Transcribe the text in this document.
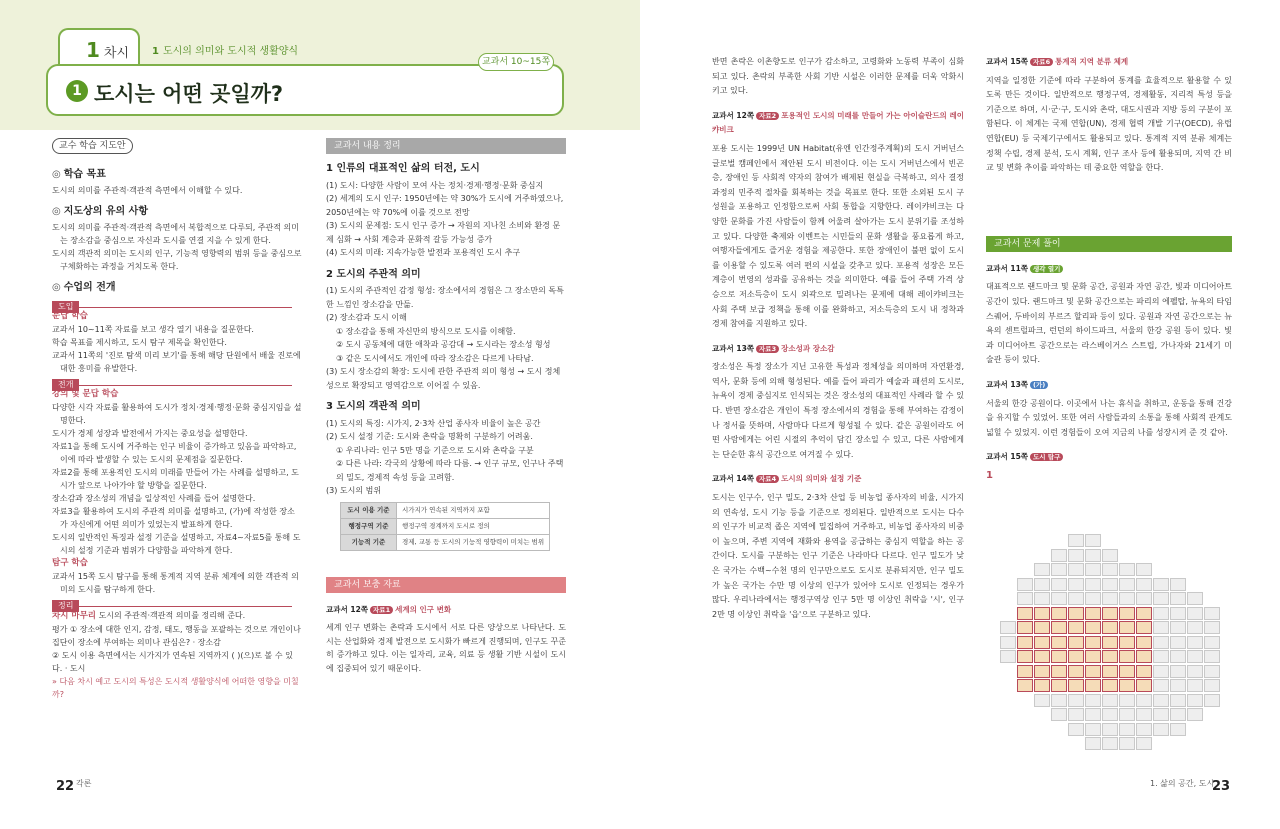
1 차시	1 도시의 의미와 도시적 생활양식
1 도시는 어떤 곳일까?
교과서 10~15쪽
교수 학습 지도안
◎ 학습 목표
도시의 의미를 주관적·객관적 측면에서 이해할 수 있다.
◎ 지도상의 유의 사항
도시의 의미를 주관적·객관적 측면에서 복합적으로 다루되, 주관적 의미는 장소감을 중심으로 자신과 도시를 연결 지을 수 있게 한다.
도시의 객관적 의미는 도시의 인구, 기능적 영향력의 범위 등을 중심으로 구체화하는 과정을 거치도록 한다.
◎ 수업의 전개
도입
문답 학습
교과서 10~11쪽 자료를 보고 생각 열기 내용을 질문한다.
학습 목표를 제시하고, 도시 탐구 제목을 확인한다.
교과서 11쪽의 '진로 탐색 미리 보기'를 통해 해당 단원에서 배울 진로에 대한 흥미를 유발한다.
전개
강의 및 문답 학습
다양한 시각 자료를 활용하여 도시가 정치·경제·행정·문화 중심지임을 설명한다.
도시가 경제 성장과 발전에서 가지는 중요성을 설명한다.
자료1을 통해 도시에 거주하는 인구 비율이 증가하고 있음을 파악하고, 이에 따라 발생할 수 있는 도시의 문제점을 질문한다.
자료2를 통해 포용적인 도시의 미래를 만들어 가는 사례를 설명하고, 도시가 앞으로 나아가야 할 방향을 질문한다.
장소감과 장소성의 개념을 일상적인 사례를 들어 설명한다.
자료3을 활용하여 도시의 주관적 의미를 설명하고, (가)에 작성한 장소가 자신에게 어떤 의미가 있었는지 발표하게 한다.
도시의 일반적인 특징과 설정 기준을 설명하고, 자료4~자료5를 통해 도시의 설정 기준과 범위가 다양함을 파악하게 한다.
탐구 학습
교과서 15쪽 도시 탐구를 통해 통계적 지역 분류 체계에 의한 객관적 의미의 도시를 탐구하게 한다.
정리
차시 마무리 도시의 주관적·객관적 의미를 정리해 준다.
평가 ① 장소에 대한 인지, 감정, 태도, 행동을 포괄하는 것으로 개인이나 집단이 장소에 부여하는 의미나 관심은? · 장소감
② 도시 이용 측면에서는 시가지가 연속된 지역까지 ( )(으)로 볼 수 있다. · 도시
» 다음 차시 예고 도시의 특성은 도시적 생활양식에 어떠한 영향을 미칠까?
교과서 내용 정리
1 인류의 대표적인 삶의 터전, 도시
(1) 도시: 다양한 사람이 모여 사는 정치·경제·행정·문화 중심지
(2) 세계의 도시 인구: 1950년에는 약 30%가 도시에 거주하였으나, 2050년에는 약 70%에 이를 것으로 전망
(3) 도시의 문제점: 도시 인구 증가 → 자원의 지나친 소비와 환경 문제 심화 → 사회 계층과 문화적 갈등 가능성 증가
(4) 도시의 미래: 지속가능한 발전과 포용적인 도시 추구
2 도시의 주관적 의미
(1) 도시의 주관적인 감정 형성: 장소에서의 경험은 그 장소만의 독특한 느낌인 장소감을 만듦.
(2) 장소감과 도시 이해
① 장소감을 통해 자신만의 방식으로 도시를 이해함.
② 도시 공동체에 대한 애착과 공감대 → 도시라는 장소성 형성
③ 같은 도시에서도 개인에 따라 장소감은 다르게 나타남.
(3) 도시 장소감의 확장: 도시에 관한 주관적 의미 형성 → 도시 정체성으로 확장되고 영역감으로 이어질 수 있음.
3 도시의 객관적 의미
(1) 도시의 특징: 시가지, 2·3차 산업 종사자 비율이 높은 공간
(2) 도시 설정 기준: 도시와 촌락을 명확히 구분하기 어려움.
① 우리나라: 인구 5만 명을 기준으로 도시와 촌락을 구분
② 다른 나라: 각국의 상황에 따라 다름. → 인구 규모, 인구나 주택의 밀도, 경제적 속성 등을 고려함.
(3) 도시의 범위
도시 이용 기준	시가지가 연속된 지역까지 포함
행정구역 기준	행정구역 경계까지 도시로 정의
기능적 기준	경제, 교통 등 도시의 기능적 영향력이 미치는 범위
교과서 보충 자료
교과서 12쪽 자료1 세계의 인구 변화
세계 인구 변화는 촌락과 도시에서 서로 다른 양상으로 나타난다. 도시는 산업화와 경제 발전으로 도시화가 빠르게 진행되며, 인구도 꾸준히 증가하고 있다. 이는 일자리, 교육, 의료 등 생활 기반 시설이 도시에 집중되어 있기 때문이다.
반면 촌락은 이촌향도로 인구가 감소하고, 고령화와 노동력 부족이 심화되고 있다. 촌락의 부족한 사회 기반 시설은 이러한 문제를 더욱 악화시키고 있다.
교과서 12쪽 자료2 포용적인 도시의 미래를 만들어 가는 아이슬란드의 레이캬비크
포용 도시는 1999년 UN Habitat(유엔 인간정주계획)의 도시 거버넌스 글로벌 캠페인에서 제안된 도시 비전이다. 이는 도시 거버넌스에서 빈곤층, 장애인 등 사회적 약자의 참여가 배제된 현실을 극복하고, 의사 결정 과정의 민주적 절차를 회복하는 것을 목표로 한다. 또한 소외된 도시 구성원을 포용하고 인정함으로써 사회 통합을 지향한다. 레이캬비크는 다양한 문화를 가진 사람들이 함께 어울려 살아가는 도시 분위기를 조성하고 있다. 다양한 축제와 이벤트는 시민들의 문화 생활을 풍요롭게 하고, 여행자들에게도 즐거운 경험을 제공한다. 또한 장애인이 불편 없이 도시를 이용할 수 있도록 여러 편의 시설을 갖추고 있다. 포용적 성장은 모든 계층이 번영의 성과를 공유하는 것을 의미한다. 예를 들어 주택 가격 상승으로 저소득층이 도시 외곽으로 밀려나는 문제에 대해 레이캬비크는 사회 주택 보급 정책을 통해 이를 완화하고, 저소득층의 도시 내 정착과 경제 참여를 지원하고 있다.
교과서 13쪽 자료3 장소성과 장소감
장소성은 특정 장소가 지닌 고유한 특성과 정체성을 의미하며 자연환경, 역사, 문화 등에 의해 형성된다. 예를 들어 파리가 예술과 패션의 도시로, 뉴욕이 경제 중심지로 인식되는 것은 장소성의 대표적인 사례라 할 수 있다. 반면 장소감은 개인이 특정 장소에서의 경험을 통해 부여하는 감정이나 정서를 뜻하며, 사람마다 다르게 형성될 수 있다. 같은 공원이라도 어떤 사람에게는 어린 시절의 추억이 담긴 장소일 수 있고, 다른 사람에게는 단순한 휴식 공간으로 여겨질 수 있다.
교과서 14쪽 자료4 도시의 의미와 설정 기준
도시는 인구수, 인구 밀도, 2·3차 산업 등 비농업 종사자의 비율, 시가지의 연속성, 도시 기능 등을 기준으로 정의된다. 일반적으로 도시는 다수의 인구가 비교적 좁은 지역에 밀집하여 거주하고, 비농업 종사자의 비중이 높으며, 주변 지역에 재화와 용역을 공급하는 중심지 역할을 하는 공간이다. 도시를 구분하는 인구 기준은 나라마다 다르다. 인구 밀도가 낮은 국가는 수백~수천 명의 인구만으로도 도시로 분류되지만, 인구 밀도가 높은 국가는 수만 명 이상의 인구가 있어야 도시로 인정되는 경우가 많다. 우리나라에서는 행정구역상 인구 5만 명 이상인 취락을 '시', 인구 2만 명 이상인 취락을 '읍'으로 구분하고 있다.
교과서 15쪽 자료6 통계적 지역 분류 체계
지역을 일정한 기준에 따라 구분하여 통계를 효율적으로 활용할 수 있도록 만든 것이다. 일반적으로 행정구역, 경제활동, 지리적 특성 등을 기준으로 하며, 시·군·구, 도시와 촌락, 대도시권과 지방 등의 구분이 포함된다. 이 체계는 국제 연합(UN), 경제 협력 개발 기구(OECD), 유럽 연합(EU) 등 국제기구에서도 활용되고 있다. 통계적 지역 분류 체계는 정책 수립, 경제 분석, 도시 계획, 인구 조사 등에 활용되며, 지역 간 비교 및 변화 추이를 파악하는 데 중요한 역할을 한다.
교과서 문제 풀이
교과서 11쪽 생각 열기
대표적으로 랜드마크 및 문화 공간, 공원과 자연 공간, 빛과 미디어아트 공간이 있다. 랜드마크 및 문화 공간으로는 파리의 에펠탑, 뉴욕의 타임스퀘어, 두바이의 부르즈 할리파 등이 있다. 공원과 자연 공간으로는 뉴욕의 센트럴파크, 런던의 하이드파크, 서울의 한강 공원 등이 있다. 빛과 미디어아트 공간으로는 라스베이거스 스트립, 가나자와 21세기 미술관 등이 있다.
교과서 13쪽 (가)
서울의 한강 공원이다. 이곳에서 나는 휴식을 취하고, 운동을 통해 건강을 유지할 수 있었어. 또한 여러 사람들과의 소통을 통해 사회적 관계도 넓힐 수 있었지. 이런 경험들이 오여 지금의 나를 성장시켜 준 것 같아.
교과서 15쪽 도시 탐구
1
22 각론	1. 삶의 공간, 도시
23
